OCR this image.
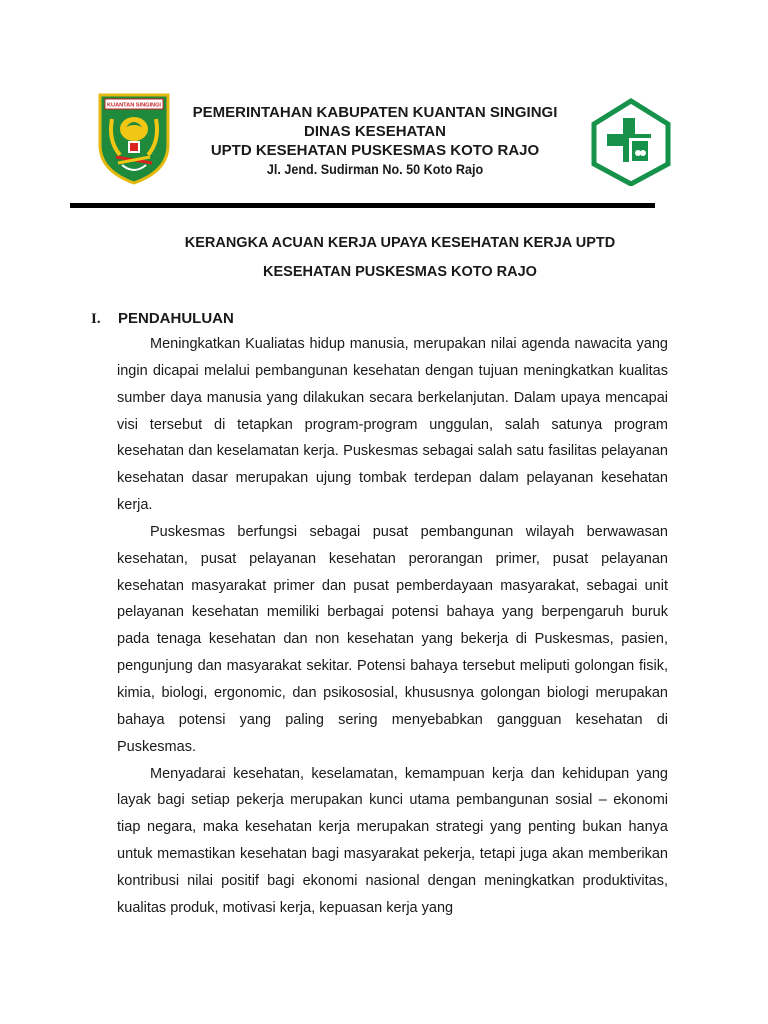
KUANTAN SINGINGI	PEMERINTAHAN KABUPATEN KUANTAN SINGINGI
DINAS KESEHATAN
UPTD KESEHATAN PUSKESMAS KOTO RAJO
Jl. Jend. Sudirman No. 50 Koto Rajo
KERANGKA ACUAN KERJA UPAYA KESEHATAN KERJA UPTD
KESEHATAN PUSKESMAS KOTO RAJO
I. PENDAHULUAN

Meningkatkan Kualiatas hidup manusia, merupakan nilai agenda nawacita yang ingin dicapai melalui pembangunan kesehatan dengan tujuan meningkatkan kualitas sumber daya manusia yang dilakukan secara berkelanjutan. Dalam upaya mencapai visi tersebut di tetapkan program-program unggulan, salah satunya program kesehatan dan keselamatan kerja. Puskesmas sebagai salah satu fasilitas pelayanan kesehatan dasar merupakan ujung tombak terdepan dalam pelayanan kesehatan kerja.

Puskesmas berfungsi sebagai pusat pembangunan wilayah berwawasan kesehatan, pusat pelayanan kesehatan perorangan primer, pusat pelayanan kesehatan masyarakat primer dan pusat pemberdayaan masyarakat, sebagai unit pelayanan kesehatan memiliki berbagai potensi bahaya yang berpengaruh buruk pada tenaga kesehatan dan non kesehatan yang bekerja di Puskesmas, pasien, pengunjung dan masyarakat sekitar. Potensi bahaya tersebut meliputi golongan fisik, kimia, biologi, ergonomic, dan psikososial, khususnya golongan biologi merupakan bahaya potensi yang paling sering menyebabkan gangguan kesehatan di Puskesmas.

Menyadarai kesehatan, keselamatan, kemampuan kerja dan kehidupan yang layak bagi setiap pekerja merupakan kunci utama pembangunan sosial – ekonomi tiap negara, maka kesehatan kerja merupakan strategi yang penting bukan hanya untuk memastikan kesehatan bagi masyarakat pekerja, tetapi juga akan memberikan kontribusi nilai positif bagi ekonomi nasional dengan meningkatkan produktivitas, kualitas produk, motivasi kerja, kepuasan kerja yang
